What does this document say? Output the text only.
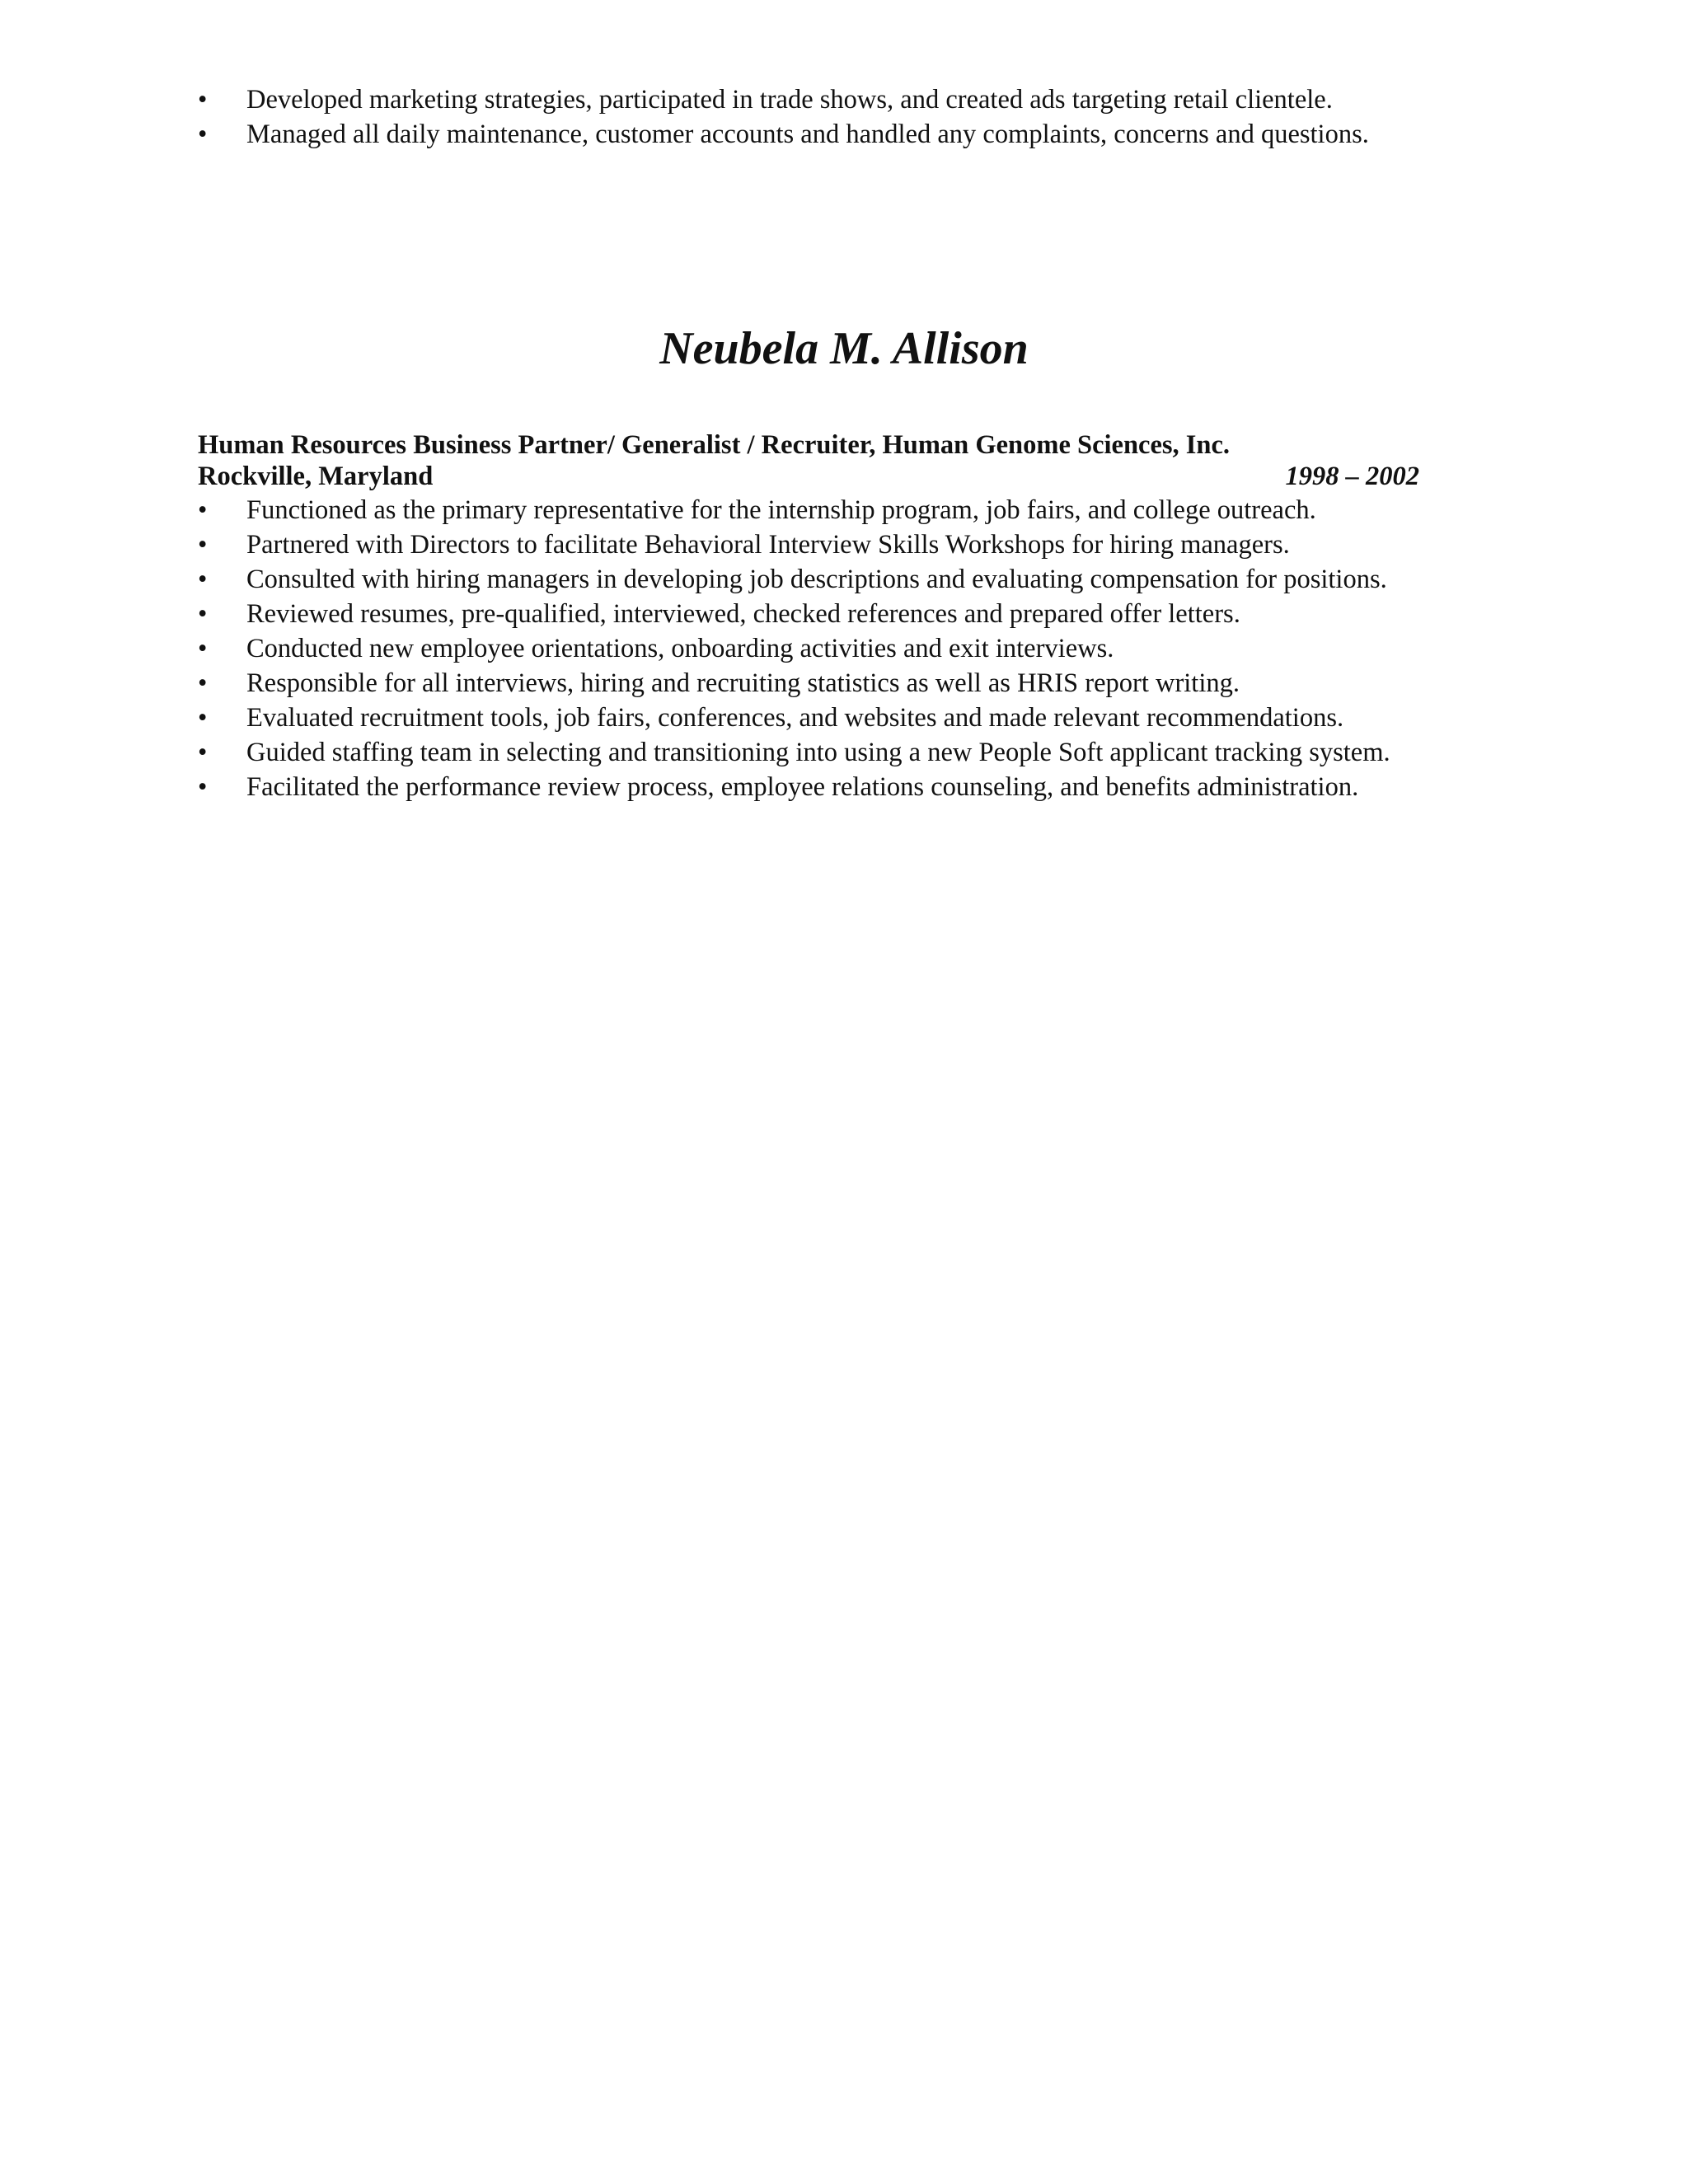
•	Developed marketing strategies, participated in trade shows, and created ads targeting retail clientele.
•	Managed all daily maintenance, customer accounts and handled any complaints, concerns and questions.
Neubela M. Allison
Human Resources Business Partner/ Generalist / Recruiter, Human Genome Sciences, Inc.
Rockville, Maryland	1998 – 2002
•	Functioned as the primary representative for the internship program, job fairs, and college outreach.
•	Partnered with Directors to facilitate Behavioral Interview Skills Workshops for hiring managers.
•	Consulted with hiring managers in developing job descriptions and evaluating compensation for positions.
•	Reviewed resumes, pre-qualified, interviewed, checked references and prepared offer letters.
•	Conducted new employee orientations, onboarding activities and exit interviews.
•	Responsible for all interviews, hiring and recruiting statistics as well as HRIS report writing.
•	Evaluated recruitment tools, job fairs, conferences, and websites and made relevant recommendations.
•	Guided staffing team in selecting and transitioning into using a new People Soft applicant tracking system.
•	Facilitated the performance review process, employee relations counseling, and benefits administration.
